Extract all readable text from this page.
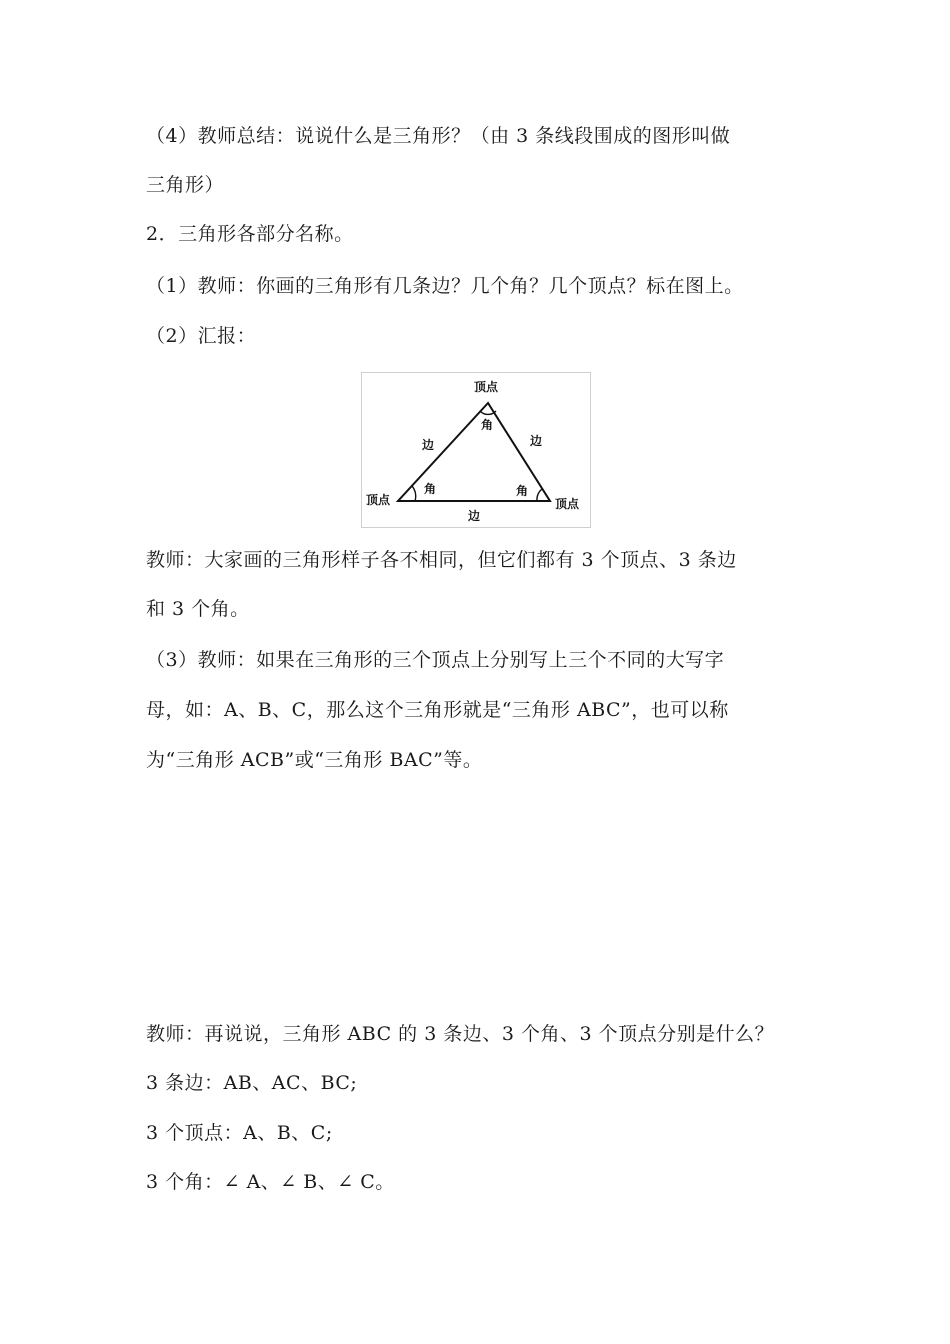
（4）教师总结：说说什么是三角形？（由 3 条线段围成的图形叫做
三角形）
2．三角形各部分名称。
（1）教师：你画的三角形有几条边？几个角？几个顶点？标在图上。
（2）汇报：
顶点
角
边	边
角	角
顶点	顶点
边
教师：大家画的三角形样子各不相同，但它们都有 3 个顶点、3 条边
和 3 个角。
（3）教师：如果在三角形的三个顶点上分别写上三个不同的大写字
母，如：A、B、C，那么这个三角形就是“三角形 ABC”，也可以称
为“三角形 ACB”或“三角形 BAC”等。
教师：再说说，三角形 ABC 的 3 条边、3 个角、3 个顶点分别是什么？
3 条边：AB、AC、BC;
3 个顶点：A、B、C;
3 个角：∠ A、∠ B、∠ C。
